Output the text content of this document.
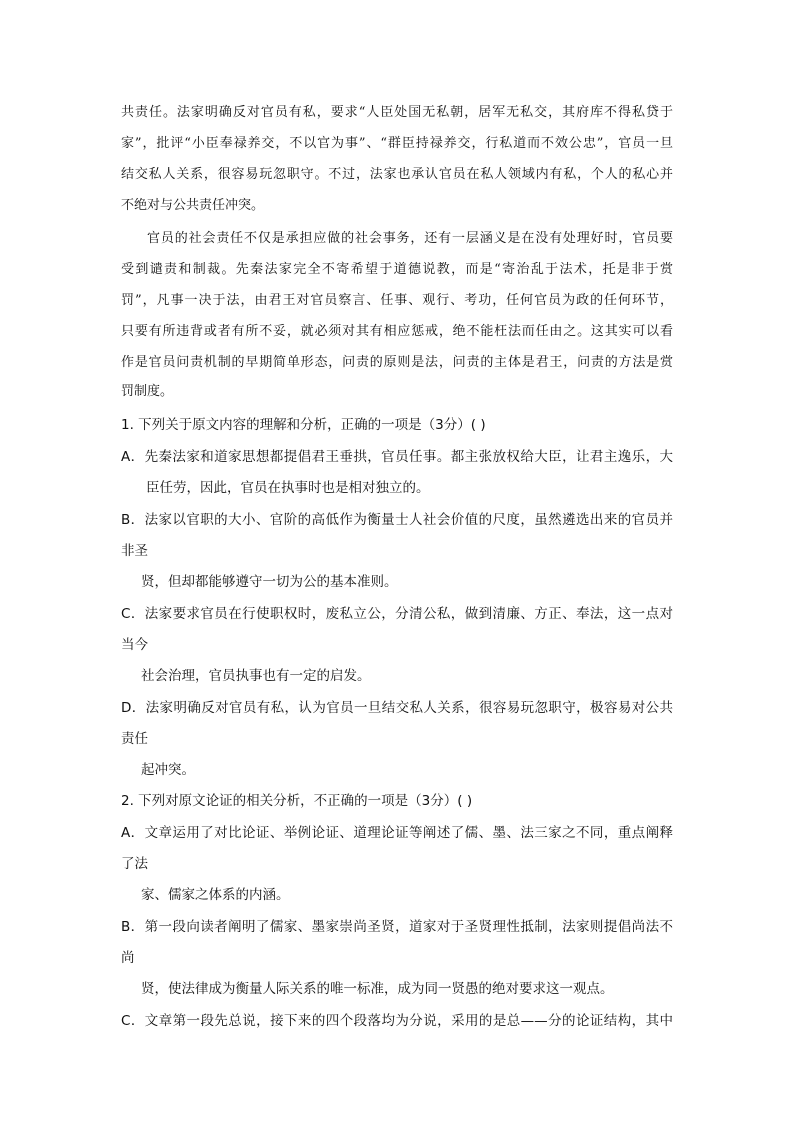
共责任。法家明确反对官员有私，要求“人臣处国无私朝，居军无私交，其府库不得私贷于
家”，批评“小臣奉禄养交，不以官为事”、“群臣持禄养交，行私道而不效公忠”，官员一旦
结交私人关系，很容易玩忽职守。不过，法家也承认官员在私人领域内有私，个人的私心并
不绝对与公共责任冲突。
官员的社会责任不仅是承担应做的社会事务，还有一层涵义是在没有处理好时，官员要
受到谴责和制裁。先秦法家完全不寄希望于道德说教，而是“寄治乱于法术，托是非于赏
罚”，凡事一决于法，由君王对官员察言、任事、观行、考功，任何官员为政的任何环节，
只要有所违背或者有所不妥，就必须对其有相应惩戒，绝不能枉法而任由之。这其实可以看
作是官员问责机制的早期简单形态，问责的原则是法，问责的主体是君王，问责的方法是赏
罚制度。
1. 下列关于原文内容的理解和分析，正确的一项是（3分）( )
A．先秦法家和道家思想都提倡君王垂拱，官员任事。都主张放权给大臣，让君主逸乐，大
臣任劳，因此，官员在执事时也是相对独立的。
B．法家以官职的大小、官阶的高低作为衡量士人社会价值的尺度，虽然遴选出来的官员并
非圣
贤，但却都能够遵守一切为公的基本准则。
C．法家要求官员在行使职权时，废私立公，分清公私，做到清廉、方正、奉法，这一点对
当今
社会治理，官员执事也有一定的启发。
D．法家明确反对官员有私，认为官员一旦结交私人关系，很容易玩忽职守，极容易对公共
责任
起冲突。
2. 下列对原文论证的相关分析，不正确的一项是（3分）( )
A．文章运用了对比论证、举例论证、道理论证等阐述了儒、墨、法三家之不同，重点阐释
了法
家、儒家之体系的内涵。
B．第一段向读者阐明了儒家、墨家崇尚圣贤，道家对于圣贤理性抵制，法家则提倡尚法不
尚
贤，使法律成为衡量人际关系的唯一标准，成为同一贤愚的绝对要求这一观点。
C．文章第一段先总说，接下来的四个段落均为分说，采用的是总——分的论证结构，其中
